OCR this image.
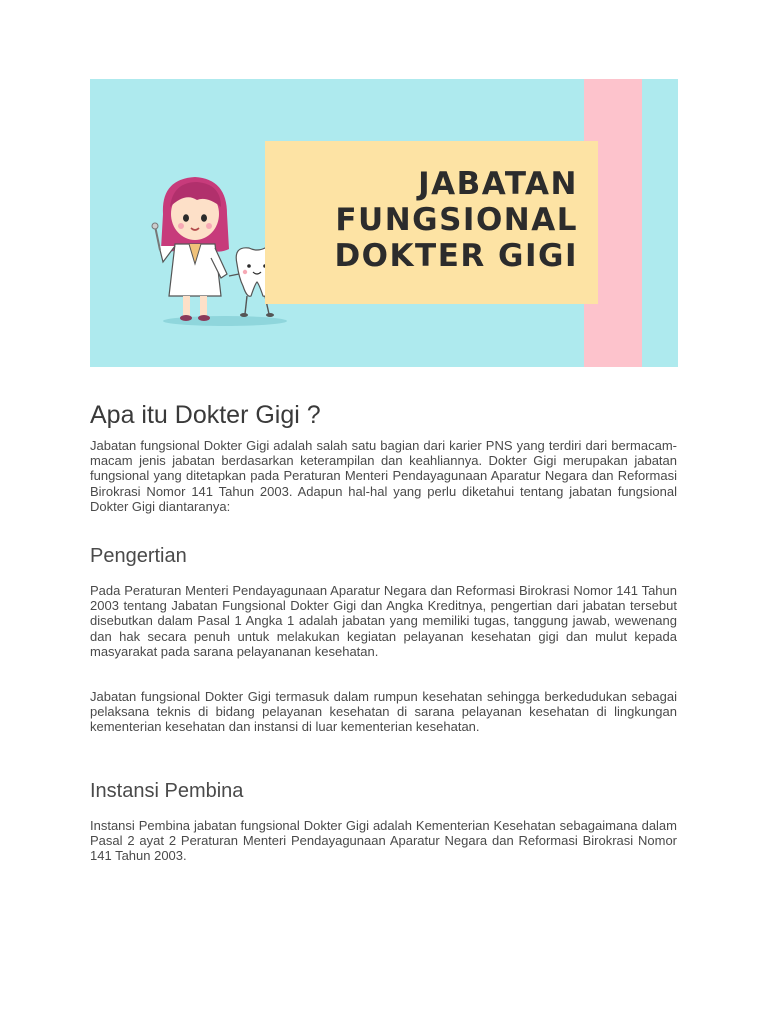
JABATAN
FUNGSIONAL
DOKTER GIGI
Apa itu Dokter Gigi ?

Jabatan fungsional Dokter Gigi adalah salah satu bagian dari karier PNS yang terdiri dari bermacam-macam jenis jabatan berdasarkan keterampilan dan keahliannya. Dokter Gigi merupakan jabatan fungsional yang ditetapkan pada Peraturan Menteri Pendayagunaan Aparatur Negara dan Reformasi Birokrasi Nomor 141 Tahun 2003. Adapun hal-hal yang perlu diketahui tentang jabatan fungsional Dokter Gigi diantaranya:

Pengertian

Pada Peraturan Menteri Pendayagunaan Aparatur Negara dan Reformasi Birokrasi Nomor 141 Tahun 2003 tentang Jabatan Fungsional Dokter Gigi dan Angka Kreditnya, pengertian dari jabatan tersebut disebutkan dalam Pasal 1 Angka 1 adalah jabatan yang memiliki tugas, tanggung jawab, wewenang dan hak secara penuh untuk melakukan kegiatan pelayanan kesehatan gigi dan mulut kepada masyarakat pada sarana pelayananan kesehatan.

Jabatan fungsional Dokter Gigi termasuk dalam rumpun kesehatan sehingga berkedudukan sebagai pelaksana teknis di bidang pelayanan kesehatan di sarana pelayanan kesehatan di lingkungan kementerian kesehatan dan instansi di luar kementerian kesehatan.

Instansi Pembina

Instansi Pembina jabatan fungsional Dokter Gigi adalah Kementerian Kesehatan sebagaimana dalam Pasal 2 ayat 2 Peraturan Menteri Pendayagunaan Aparatur Negara dan Reformasi Birokrasi Nomor 141 Tahun 2003.
